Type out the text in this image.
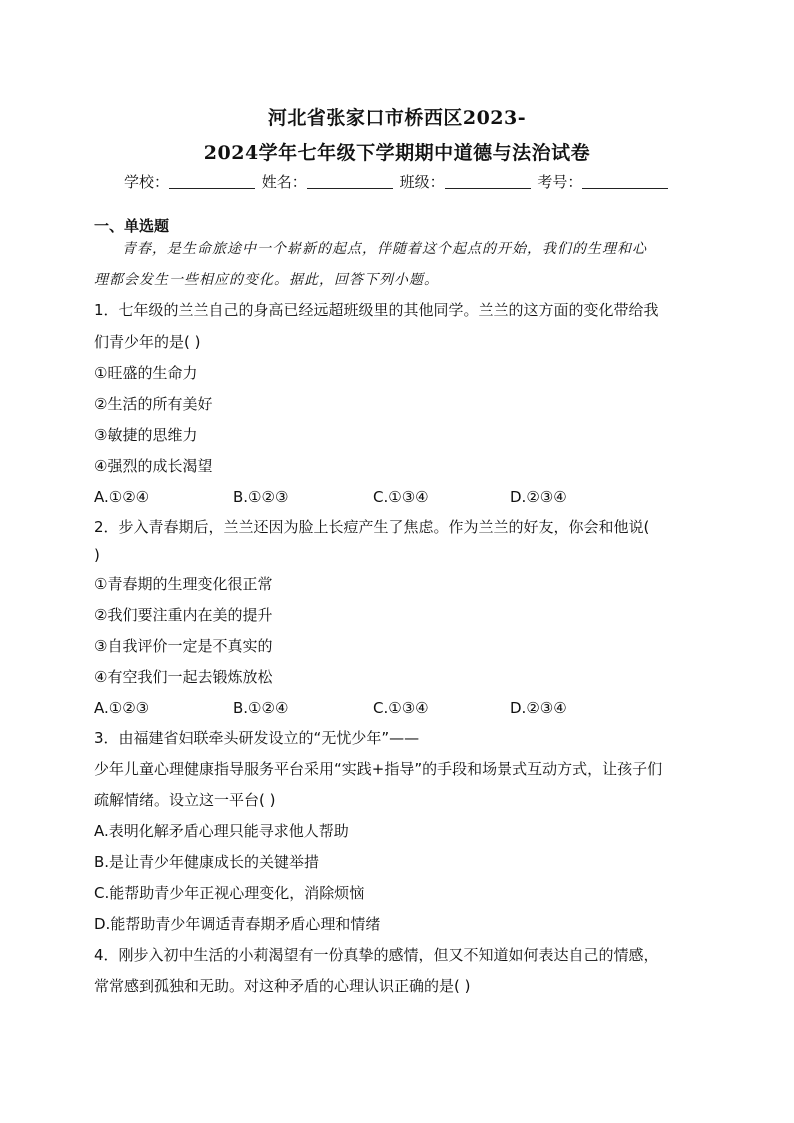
河北省张家口市桥西区2023-
2024学年七年级下学期期中道德与法治试卷
学校：	姓名：	班级：	考号：
一、单选题
青春，是生命旅途中一个崭新的起点，伴随着这个起点的开始，我们的生理和心
理都会发生一些相应的变化。据此，回答下列小题。
1．七年级的兰兰自己的身高已经远超班级里的其他同学。兰兰的这方面的变化带给我
们青少年的是( )
①旺盛的生命力
②生活的所有美好
③敏捷的思维力
④强烈的成长渴望
A.①②④	B.①②③	C.①③④	D.②③④
2．步入青春期后，兰兰还因为脸上长痘产生了焦虑。作为兰兰的好友，你会和他说(
)
①青春期的生理变化很正常
②我们要注重内在美的提升
③自我评价一定是不真实的
④有空我们一起去锻炼放松
A.①②③	B.①②④	C.①③④	D.②③④
3．由福建省妇联牵头研发设立的“无忧少年”——
少年儿童心理健康指导服务平台采用“实践+指导”的手段和场景式互动方式，让孩子们
疏解情绪。设立这一平台( )
A.表明化解矛盾心理只能寻求他人帮助
B.是让青少年健康成长的关键举措
C.能帮助青少年正视心理变化，消除烦恼
D.能帮助青少年调适青春期矛盾心理和情绪
4．刚步入初中生活的小莉渴望有一份真挚的感情，但又不知道如何表达自己的情感，
常常感到孤独和无助。对这种矛盾的心理认识正确的是( )
